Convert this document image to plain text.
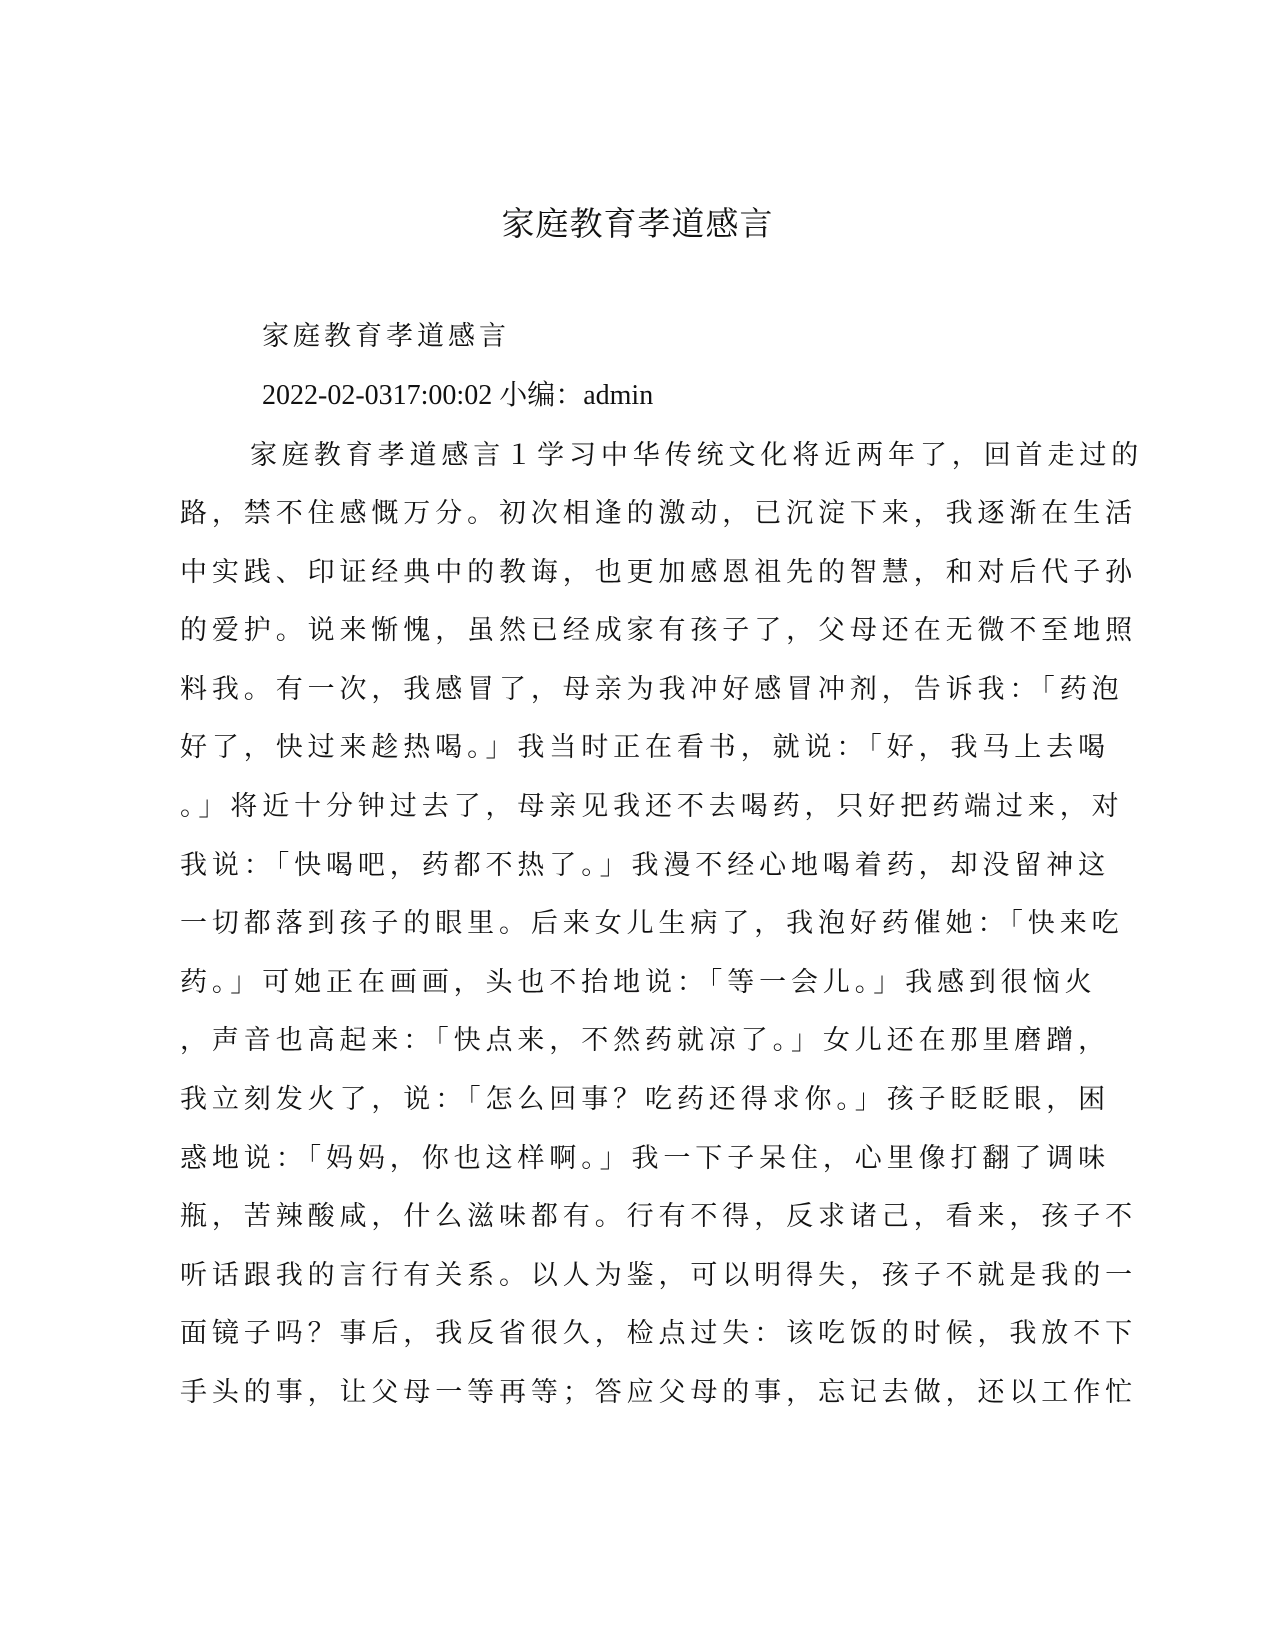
家庭教育孝道感言
家庭教育孝道感言
2022-02-0317:00:02 小编：admin
家庭教育孝道感言１学习中华传统文化将近两年了，回首走过的
路，禁不住感慨万分。初次相逢的激动，已沉淀下来，我逐渐在生活
中实践、印证经典中的教诲，也更加感恩祖先的智慧，和对后代子孙
的爱护。说来惭愧，虽然已经成家有孩子了，父母还在无微不至地照
料我。有一次，我感冒了，母亲为我冲好感冒冲剂，告诉我：「药泡
好了，快过来趁热喝。」我当时正在看书，就说：「好，我马上去喝
。」将近十分钟过去了，母亲见我还不去喝药，只好把药端过来，对
我说：「快喝吧，药都不热了。」我漫不经心地喝着药，却没留神这
一切都落到孩子的眼里。后来女儿生病了，我泡好药催她：「快来吃
药。」可她正在画画，头也不抬地说：「等一会儿。」我感到很恼火
，声音也高起来：「快点来，不然药就凉了。」女儿还在那里磨蹭，
我立刻发火了，说：「怎么回事？吃药还得求你。」孩子眨眨眼，困
惑地说：「妈妈，你也这样啊。」我一下子呆住，心里像打翻了调味
瓶，苦辣酸咸，什么滋味都有。行有不得，反求诸己，看来，孩子不
听话跟我的言行有关系。以人为鉴，可以明得失，孩子不就是我的一
面镜子吗？事后，我反省很久，检点过失：该吃饭的时候，我放不下
手头的事，让父母一等再等；答应父母的事，忘记去做，还以工作忙
